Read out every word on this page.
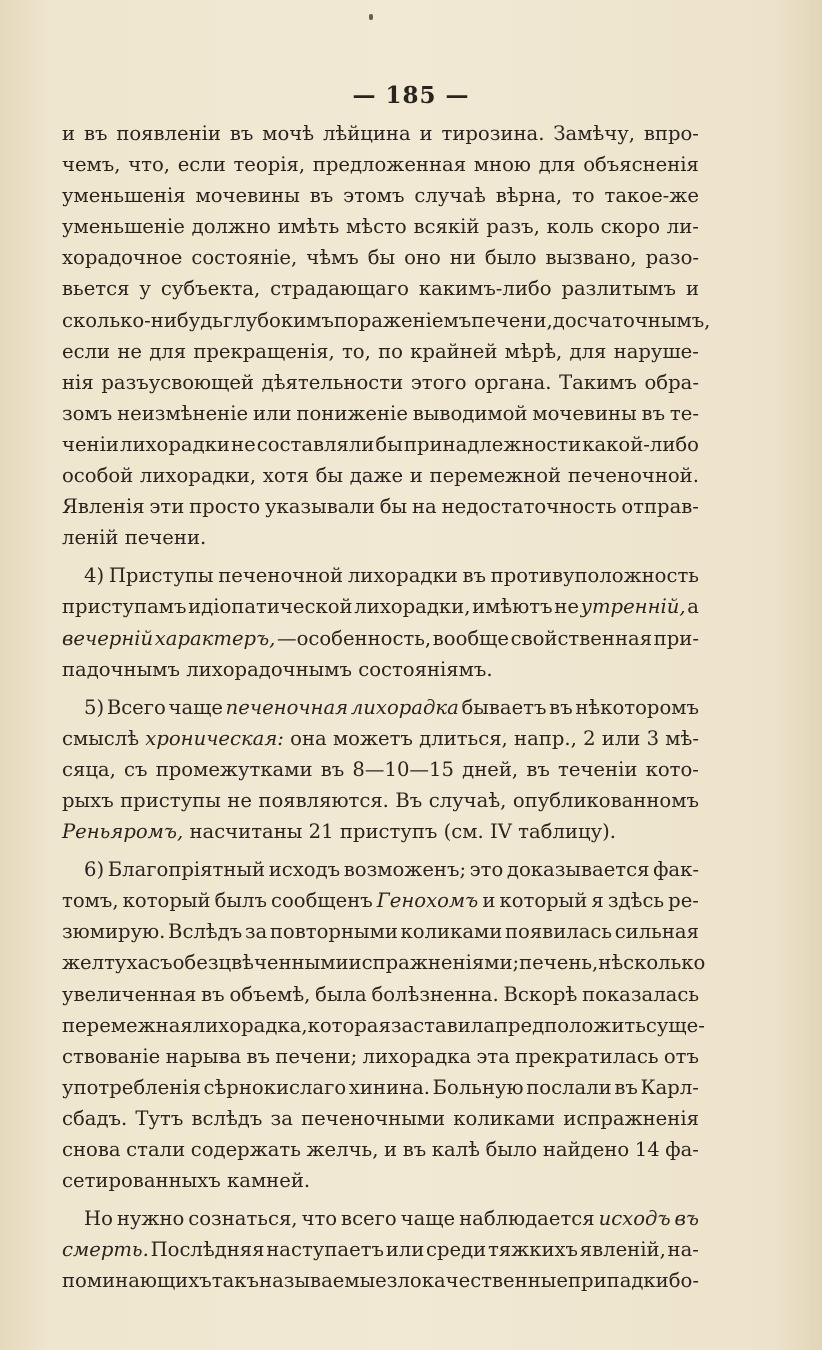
— 185 —
и въ появленіи въ мочѣ лѣйцина и тирозина. Замѣчу, впро-
чемъ, что, если теорія, предложенная мною для объясненія
уменьшенія мочевины въ этомъ случаѣ вѣрна, то такое-же
уменьшеніе должно имѣть мѣсто всякій разъ, коль скоро ли-
хорадочное состояніе, чѣмъ бы оно ни было вызвано, разо-
вьется у субъекта, страдающаго какимъ-либо разлитымъ и
сколько-нибудь глубокимъ пораженіемъ печени, досчаточнымъ,
если не для прекращенія, то, по крайней мѣрѣ, для наруше-
нія разъусвоющей дѣятельности этого органа. Такимъ обра-
зомъ неизмѣненіе или пониженіе выводимой мочевины въ те-
ченіи лихорадки не составляли бы принадлежности какой-либо
особой лихорадки, хотя бы даже и перемежной печеночной.
Явленія эти просто указывали бы на недостаточность отправ-
леній печени.
4) Приступы печеночной лихорадки въ противуположность
приступамъ идіопатической лихорадки, имѣютъ не утренній, а
вечерній характеръ, —особенность, вообще свойственная при-
падочнымъ лихорадочнымъ состояніямъ.
5) Всего чаще печеночная лихорадка бываетъ въ нѣкоторомъ
смыслѣ хроническая: она можетъ длиться, напр., 2 или 3 мѣ-
сяца, съ промежутками въ 8—10—15 дней, въ теченіи кото-
рыхъ приступы не появляются. Въ случаѣ, опубликованномъ
Реньяромъ, насчитаны 21 приступъ (см. IV таблицу).
6) Благопріятный исходъ возможенъ; это доказывается фак-
томъ, который былъ сообщенъ Геноxомъ и который я здѣсь ре-
зюмирую. Вслѣдъ за повторными коликами появилась сильная
желтуха съ обезцвѣченными испражненіями; печень, нѣсколько
увеличенная въ объемѣ, была болѣзненна. Вскорѣ показалась
перемежная лихорадка, которая заставила предположить суще-
ствованіе нарыва въ печени; лихорадка эта прекратилась отъ
употребленія сѣрнокислаго хинина. Больную послали въ Карл-
сбадъ. Тутъ вслѣдъ за печеночными коликами испражненія
снова стали содержать желчь, и въ калѣ было найдено 14 фа-
сетированныхъ камней.
Но нужно сознаться, что всего чаще наблюдается исходъ въ
смерть. Послѣдняя наступаетъ или среди тяжкихъ явленій, на-
поминающихъ такъ называемые злокачественные припадки бо-
